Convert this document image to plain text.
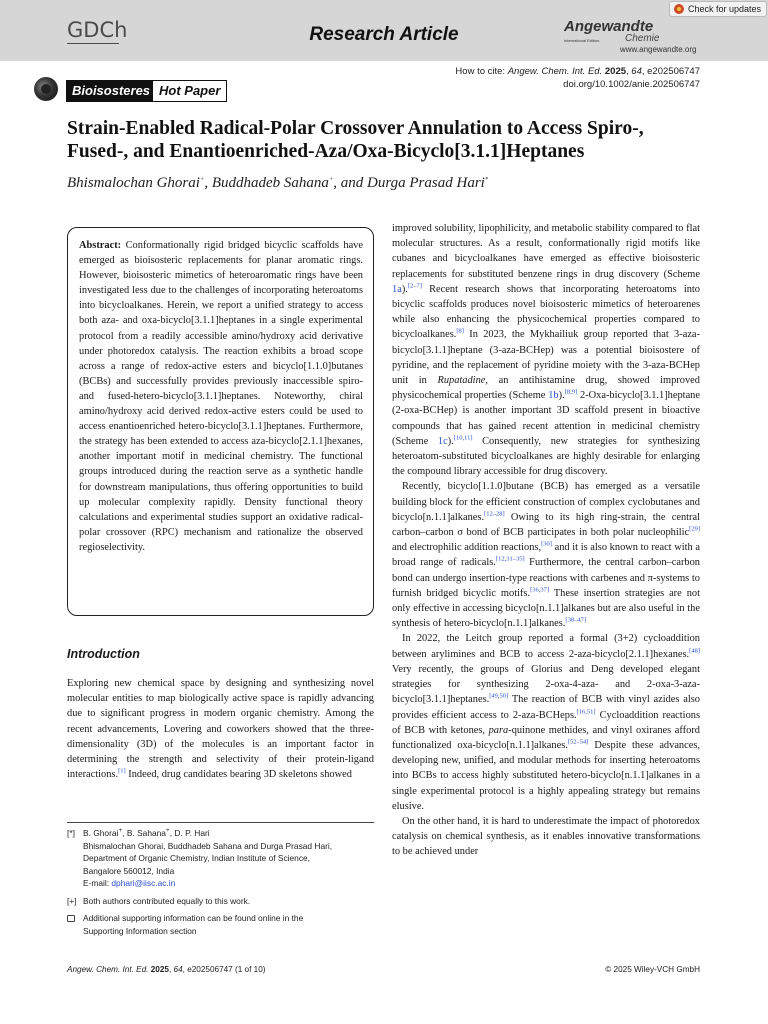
GDCh	Research Article	Angewandte
International Edition	Chemie
www.angewandte.org
Check for updates
How to cite: Angew. Chem. Int. Ed. 2025, 64, e202506747
doi.org/10.1002/anie.202506747
Bioisosteres Hot Paper
Strain-Enabled Radical-Polar Crossover Annulation to Access Spiro-,
Fused-, and Enantioenriched-Aza/Oxa-Bicyclo[3.1.1]Heptanes
Bhismalochan Ghorai+, Buddhadeb Sahana+, and Durga Prasad Hari*
Abstract: Conformationally rigid bridged bicyclic scaffolds have emerged as bioisosteric replacements for planar aromatic rings. However, bioisosteric mimetics of heteroaromatic rings have been investigated less due to the challenges of incorporating heteroatoms into bicycloalkanes. Herein, we report a unified strategy to access both aza- and oxa-bicyclo[3.1.1]heptanes in a single experimental protocol from a readily accessible amino/hydroxy acid derivative under photoredox catalysis. The reaction exhibits a broad scope across a range of redox-active esters and bicyclo[1.1.0]butanes (BCBs) and successfully provides previously inaccessible spiro- and fused-hetero-bicyclo[3.1.1]heptanes. Noteworthy, chiral amino/hydroxy acid derived redox-active esters could be used to access enantioenriched hetero-bicyclo[3.1.1]heptanes. Furthermore, the strategy has been extended to access aza-bicyclo[2.1.1]hexanes, another important motif in medicinal chemistry. The functional groups introduced during the reaction serve as a synthetic handle for downstream manipulations, thus offering opportunities to build up molecular complexity rapidly. Density functional theory calculations and experimental studies support an oxidative radical-polar crossover (RPC) mechanism and rationalize the observed regioselectivity.
Introduction

Exploring new chemical space by designing and synthesizing novel molecular entities to map biologically active space is rapidly advancing due to significant progress in modern organic chemistry. Among the recent advancements, Lovering and coworkers showed that the three-dimensionality (3D) of the molecules is an important factor in determining the strength and selectivity of their protein-ligand interactions.[1] Indeed, drug candidates bearing 3D skeletons showed

[*] B. Ghorai+, B. Sahana+, D. P. Hari
Bhismalochan Ghorai, Buddhadeb Sahana and Durga Prasad Hari,
Department of Organic Chemistry, Indian Institute of Science,
Bangalore 560012, India
E-mail: dphari@iisc.ac.in
[+] Both authors contributed equally to this work.
Additional supporting information can be found online in the
Supporting Information section

improved solubility, lipophilicity, and metabolic stability compared to flat molecular structures. As a result, conformationally rigid motifs like cubanes and bicycloalkanes have emerged as effective bioisosteric replacements for substituted benzene rings in drug discovery (Scheme 1a).[2–7] Recent research shows that incorporating heteroatoms into bicyclic scaffolds produces novel bioisosteric mimetics of heteroarenes while also enhancing the physicochemical properties compared to bicycloalkanes.[8] In 2023, the Mykhailiuk group reported that 3-aza-bicyclo[3.1.1]heptane (3-aza-BCHep) was a potential bioisostere of pyridine, and the replacement of pyridine moiety with the 3-aza-BCHep unit in Rupatadine, an antihistamine drug, showed improved physicochemical properties (Scheme 1b).[8,9] 2-Oxa-bicyclo[3.1.1]heptane (2-oxa-BCHep) is another important 3D scaffold present in bioactive compounds that has gained recent attention in medicinal chemistry (Scheme 1c).[10,11] Consequently, new strategies for synthesizing heteroatom-substituted bicycloalkanes are highly desirable for enlarging the compound library accessible for drug discovery.

Recently, bicyclo[1.1.0]butane (BCB) has emerged as a versatile building block for the efficient construction of complex cyclobutanes and bicyclo[n.1.1]alkanes.[12–28] Owing to its high ring-strain, the central carbon–carbon σ bond of BCB participates in both polar nucleophilic[29] and electrophilic addition reactions,[30] and it is also known to react with a broad range of radicals.[12,31–35] Furthermore, the central carbon–carbon bond can undergo insertion-type reactions with carbenes and π-systems to furnish bridged bicyclic motifs.[36,37] These insertion strategies are not only effective in accessing bicyclo[n.1.1]alkanes but are also useful in the synthesis of hetero-bicyclo[n.1.1]alkanes.[38–47]

In 2022, the Leitch group reported a formal (3+2) cycloaddition between arylimines and BCB to access 2-aza-bicyclo[2.1.1]hexanes.[48] Very recently, the groups of Glorius and Deng developed elegant strategies for synthesizing 2-oxa-4-aza- and 2-oxa-3-aza-bicyclo[3.1.1]heptanes.[49,50] The reaction of BCB with vinyl azides also provides efficient access to 2-aza-BCHeps.[16,51] Cycloaddition reactions of BCB with ketones, para-quinone methides, and vinyl oxiranes afford functionalized oxa-bicyclo[n.1.1]alkanes.[52–54] Despite these advances, developing new, unified, and modular methods for inserting heteroatoms into BCBs to access highly substituted hetero-bicyclo[n.1.1]alkanes in a single experimental protocol is a highly appealing strategy but remains elusive.

On the other hand, it is hard to underestimate the impact of photoredox catalysis on chemical synthesis, as it enables innovative transformations to be achieved under

Angew. Chem. Int. Ed. 2025, 64, e202506747 (1 of 10)	© 2025 Wiley-VCH GmbH
